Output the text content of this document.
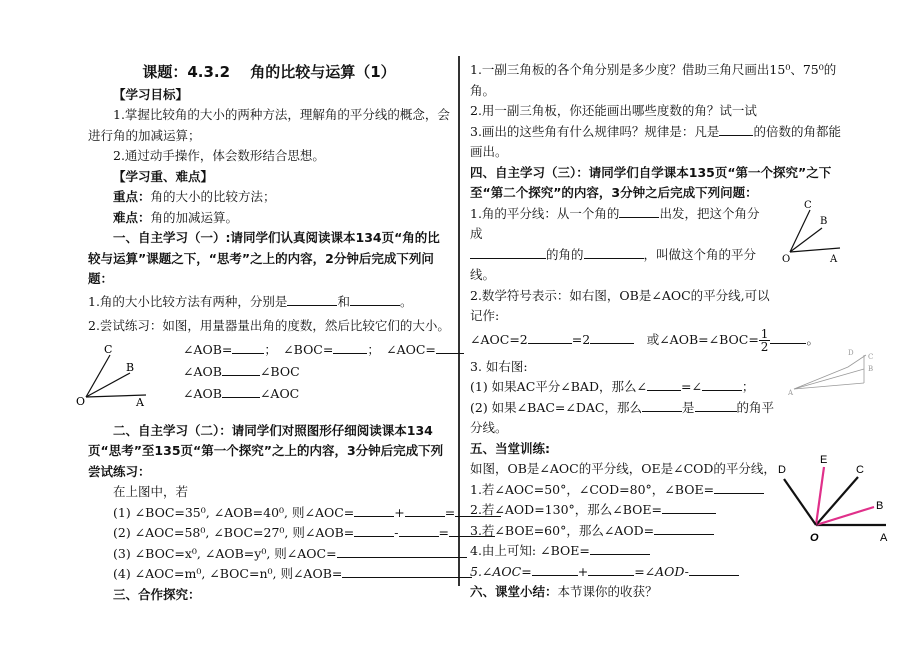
课题：4.3.2　 角的比较与运算（1）
【学习目标】
1.掌握比较角的大小的两种方法，理解角的平分线的概念，会进行角的加减运算；
2.通过动手操作，体会数形结合思想。
【学习重、难点】
重点：角的大小的比较方法；
难点：角的加减运算。
一、自主学习（一）:请同学们认真阅读课本134页“角的比较与运算”课题之下，“思考”之上的内容，2分钟后完成下列问题：
1.角的大小比较方法有两种，分别是	和	。
2.尝试练习：如图，用量器量出角的度数，然后比较它们的大小。
C
B
O	A
∠AOB=	；　∠BOC=	；　∠AOC=
∠AOB	∠BOC
∠AOB	∠AOC
二、自主学习（二）：请同学们对照图形仔细阅读课本134页“思考”至135页“第一个探究”之上的内容，3分钟后完成下列尝试练习：
在上图中，若
(1) ∠BOC=35⁰, ∠AOB=40⁰, 则∠AOC=	+	=
(2) ∠AOC=58⁰, ∠BOC=27⁰, 则∠AOB=	-	=
(3) ∠BOC=x⁰, ∠AOB=y⁰, 则∠AOC=
(4) ∠AOC=m⁰, ∠BOC=n⁰, 则∠AOB=
三、合作探究：
1.一副三角板的各个角分别是多少度？借助三角尺画出15⁰、75⁰的角。
2.用一副三角板，你还能画出哪些度数的角？试一试
3.画出的这些角有什么规律吗？规律是：凡是	的倍数的角都能画出。
四、自主学习（三）：请同学们自学课本135页“第一个探究”之下至“第二个探究”的内容，3分钟之后完成下列问题：
1.角的平分线：从一个角的	出发，把这个角分成
的角的	，叫做这个角的平分线。
2.数学符号表示：如右图，OB是∠AOC的平分线,可以记作:
C
B
O	A
∠AOC=2	=2　	或∠AOB=∠BOC= $\frac{1}{2}$	。
3. 如右图:
(1) 如果AC平分∠BAD，那么∠	=∠	；
(2) 如果∠BAC=∠DAC，那么	是	的角平分线。
D C
B
A
五、当堂训练:
如图，OB是∠AOC的平分线，OE是∠COD的平分线，
1.若∠AOC=50°，∠COD=80°，∠BOE=
2.若∠AOD=130°，那么∠BOE=
3.若∠BOE=60°，那么∠AOD=
4.由上可知: ∠BOE=
5.∠AOC=	+	=∠AOD-
D
E
C
B
O	A
六、课堂小结：本节课你的收获？
